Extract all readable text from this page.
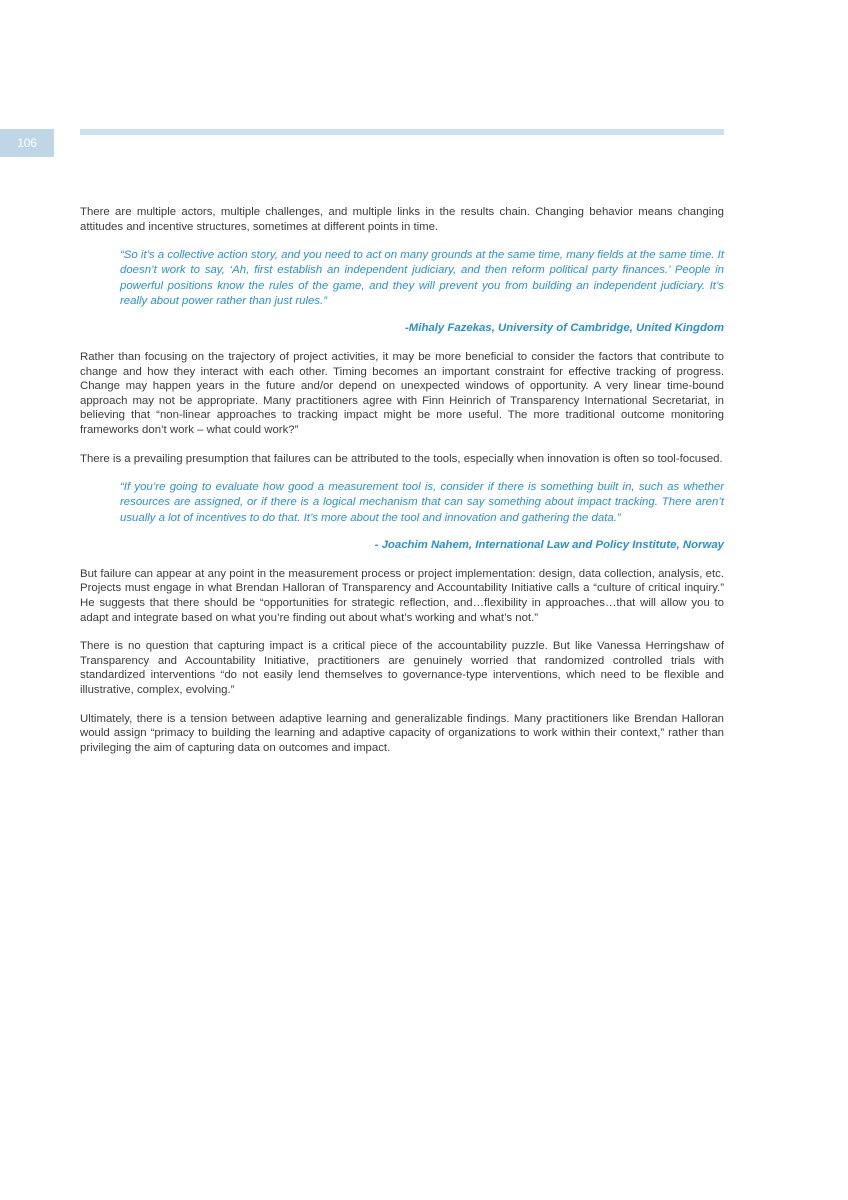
106

There are multiple actors, multiple challenges, and multiple links in the results chain. Changing behavior means changing attitudes and incentive structures, sometimes at different points in time.

“So it’s a collective action story, and you need to act on many grounds at the same time, many fields at the same time. It doesn’t work to say, ‘Ah, first establish an independent judiciary, and then reform political party finances.’ People in powerful positions know the rules of the game, and they will prevent you from building an independent judiciary. It’s really about power rather than just rules.”

-Mihaly Fazekas, University of Cambridge, United Kingdom

Rather than focusing on the trajectory of project activities, it may be more beneficial to consider the factors that contribute to change and how they interact with each other. Timing becomes an important constraint for effective tracking of progress. Change may happen years in the future and/or depend on unexpected windows of opportunity. A very linear time-bound approach may not be appropriate. Many practitioners agree with Finn Heinrich of Transparency International Secretariat, in believing that “non-linear approaches to tracking impact might be more useful. The more traditional outcome monitoring frameworks don’t work – what could work?”

There is a prevailing presumption that failures can be attributed to the tools, especially when innovation is often so tool-focused.

“If you’re going to evaluate how good a measurement tool is, consider if there is something built in, such as whether resources are assigned, or if there is a logical mechanism that can say something about impact tracking. There aren’t usually a lot of incentives to do that. It’s more about the tool and innovation and gathering the data.”

- Joachim Nahem, International Law and Policy Institute, Norway

But failure can appear at any point in the measurement process or project implementation: design, data collection, analysis, etc. Projects must engage in what Brendan Halloran of Transparency and Accountability Initiative calls a “culture of critical inquiry.” He suggests that there should be “opportunities for strategic reflection, and…flexibility in approaches…that will allow you to adapt and integrate based on what you’re finding out about what’s working and what’s not.”

There is no question that capturing impact is a critical piece of the accountability puzzle. But like Vanessa Herringshaw of Transparency and Accountability Initiative, practitioners are genuinely worried that randomized controlled trials with standardized interventions “do not easily lend themselves to governance-type interventions, which need to be flexible and illustrative, complex, evolving.”

Ultimately, there is a tension between adaptive learning and generalizable findings. Many practitioners like Brendan Halloran would assign “primacy to building the learning and adaptive capacity of organizations to work within their context,” rather than privileging the aim of capturing data on outcomes and impact.
